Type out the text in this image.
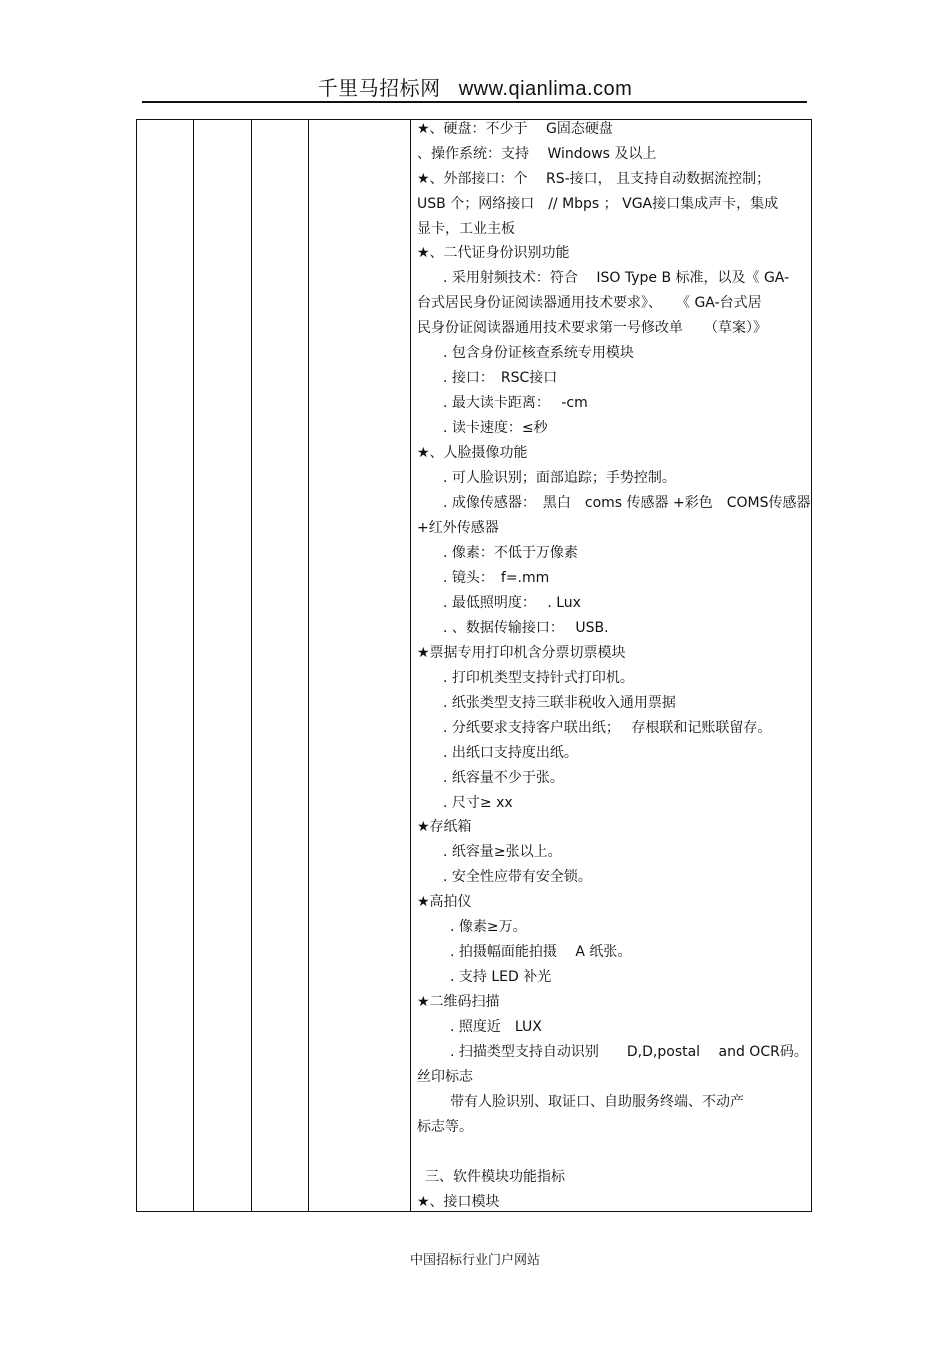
千里马招标网 www.qianlima.com
★、硬盘：不少于　 G固态硬盘
、操作系统：支持　 Windows 及以上
★、外部接口：个　 RS-接口， 且支持自动数据流控制；
USB 个；网络接口　// Mbps ； VGA接口集成声卡，集成
显卡，工业主板
★、二代证身份识别功能
. 采用射频技术：符合　 ISO Type B 标准，以及《 GA-
台式居民身份证阅读器通用技术要求》、　　《 GA-台式居
民身份证阅读器通用技术要求第一号修改单　　（草案）》
. 包含身份证核查系统专用模块
. 接口：　RSC接口
. 最大读卡距离：　 -cm
. 读卡速度：≤秒
★、人脸摄像功能
. 可人脸识别；面部追踪；手势控制。
. 成像传感器：　黑白　coms 传感器 +彩色　COMS传感器
+红外传感器
. 像素：不低于万像素
. 镜头：　f=.mm
. 最低照明度：　 . Lux
. 、数据传输接口：　 USB.
★票据专用打印机含分票切票模块
. 打印机类型支持针式打印机。
. 纸张类型支持三联非税收入通用票据
. 分纸要求支持客户联出纸；　 存根联和记账联留存。
. 出纸口支持度出纸。
. 纸容量不少于张。
. 尺寸≥ xx
★存纸箱
. 纸容量≥张以上。
. 安全性应带有安全锁。
★高拍仪
. 像素≥万。
. 拍摄幅面能拍摄　 A 纸张。
. 支持 LED 补光
★二维码扫描
. 照度近　LUX
. 扫描类型支持自动识别　　D,D,postal　 and OCR码。
丝印标志
带有人脸识别、取证口、自助服务终端、不动产
标志等。
三、软件模块功能指标
★、接口模块
中国招标行业门户网站
